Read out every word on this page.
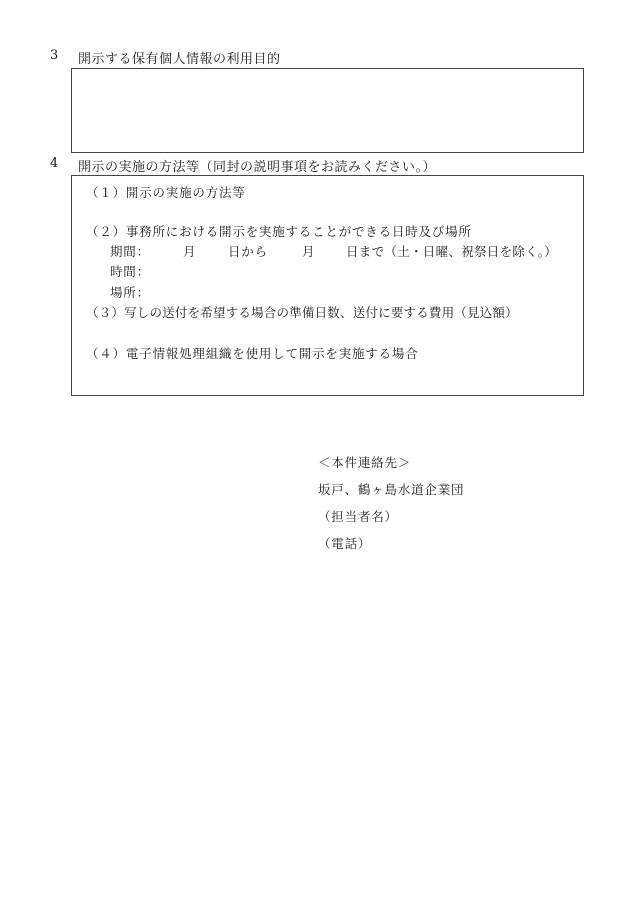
3 開示する保有個人情報の利用目的
4 開示の実施の方法等（同封の説明事項をお読みください。）
（１）開示の実施の方法等
（２）事務所における開示を実施することができる日時及び場所
期間：	月	日から	月 日まで（土・日曜、祝祭日を除く。）
時間：
場所：
（３）写しの送付を希望する場合の準備日数、送付に要する費用（見込額）
（４）電子情報処理組織を使用して開示を実施する場合
＜本件連絡先＞
坂戸、鶴ヶ島水道企業団
（担当者名）
（電話）
